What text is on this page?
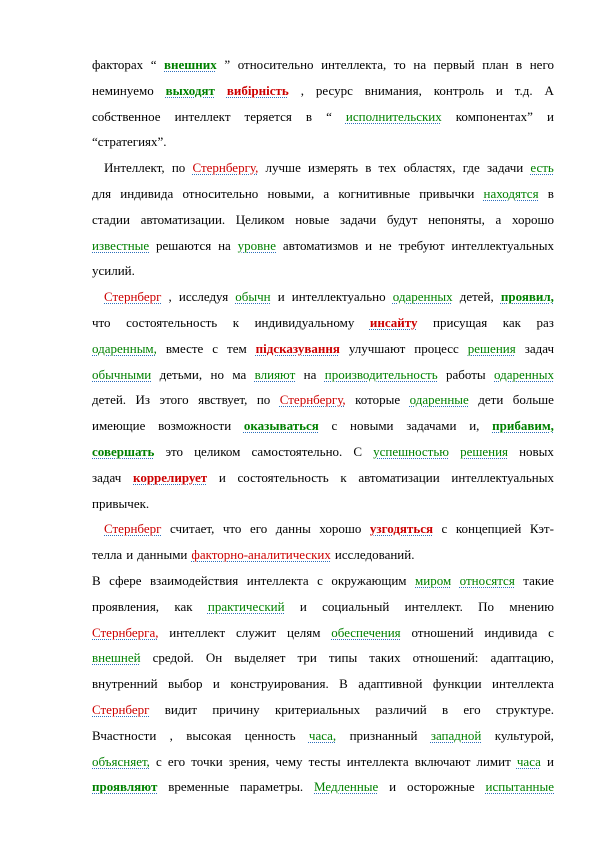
факторах “ внешних ” относительно интеллекта, то на первый план в него
неминуемо выходят вибірність , ресурс внимания, контроль и т.д. А
собственное интеллект теряется в “ исполнительских компонентах” и
“стратегиях”.
Интеллект, по Стернбергу, лучше измерять в тех областях, где задачи есть
для индивида относительно новыми, а когнитивные привычки находятся в
стадии автоматизации. Целиком новые задачи будут непоняты, а хорошо
известные решаются на уровне автоматизмов и не требуют интеллектуальных
усилий.
Стернберг , исследуя обычн и интеллектуально одаренных детей, проявил,
что состоятельность к индивидуальному инсайту присущая как раз
одаренным, вместе с тем підсказування улучшают процесс решения задач
обычными детьми, но ма влияют на производительность работы одаренных
детей. Из этого явствует, по Стернбергу, которые одаренные дети больше
имеющие возможности оказываться с новыми задачами и, прибавим,
совершать это целиком самостоятельно. С успешностью решения новых
задач коррелирует и состоятельность к автоматизации интеллектуальных
привычек.
Стернберг считает, что его данны хорошо узгодяться с концепцией Кэт-
телла и данными факторно-аналитических исследований.
В сфере взаимодействия интеллекта с окружающим миром относятся такие
проявления, как практический и социальный интеллект. По мнению
Стернберга, интеллект служит целям обеспечения отношений индивида с
внешней средой. Он выделяет три типы таких отношений: адаптацию,
внутренний выбор и конструирования. В адаптивной функции интеллекта
Стернберг видит причину критериальных различий в его структуре.
Вчастности , высокая ценность часа, признанный западной культурой,
объясняет, с его точки зрения, чему тесты интеллекта включают лимит часа и
проявляют временные параметры. Медленные и осторожные испытанные
